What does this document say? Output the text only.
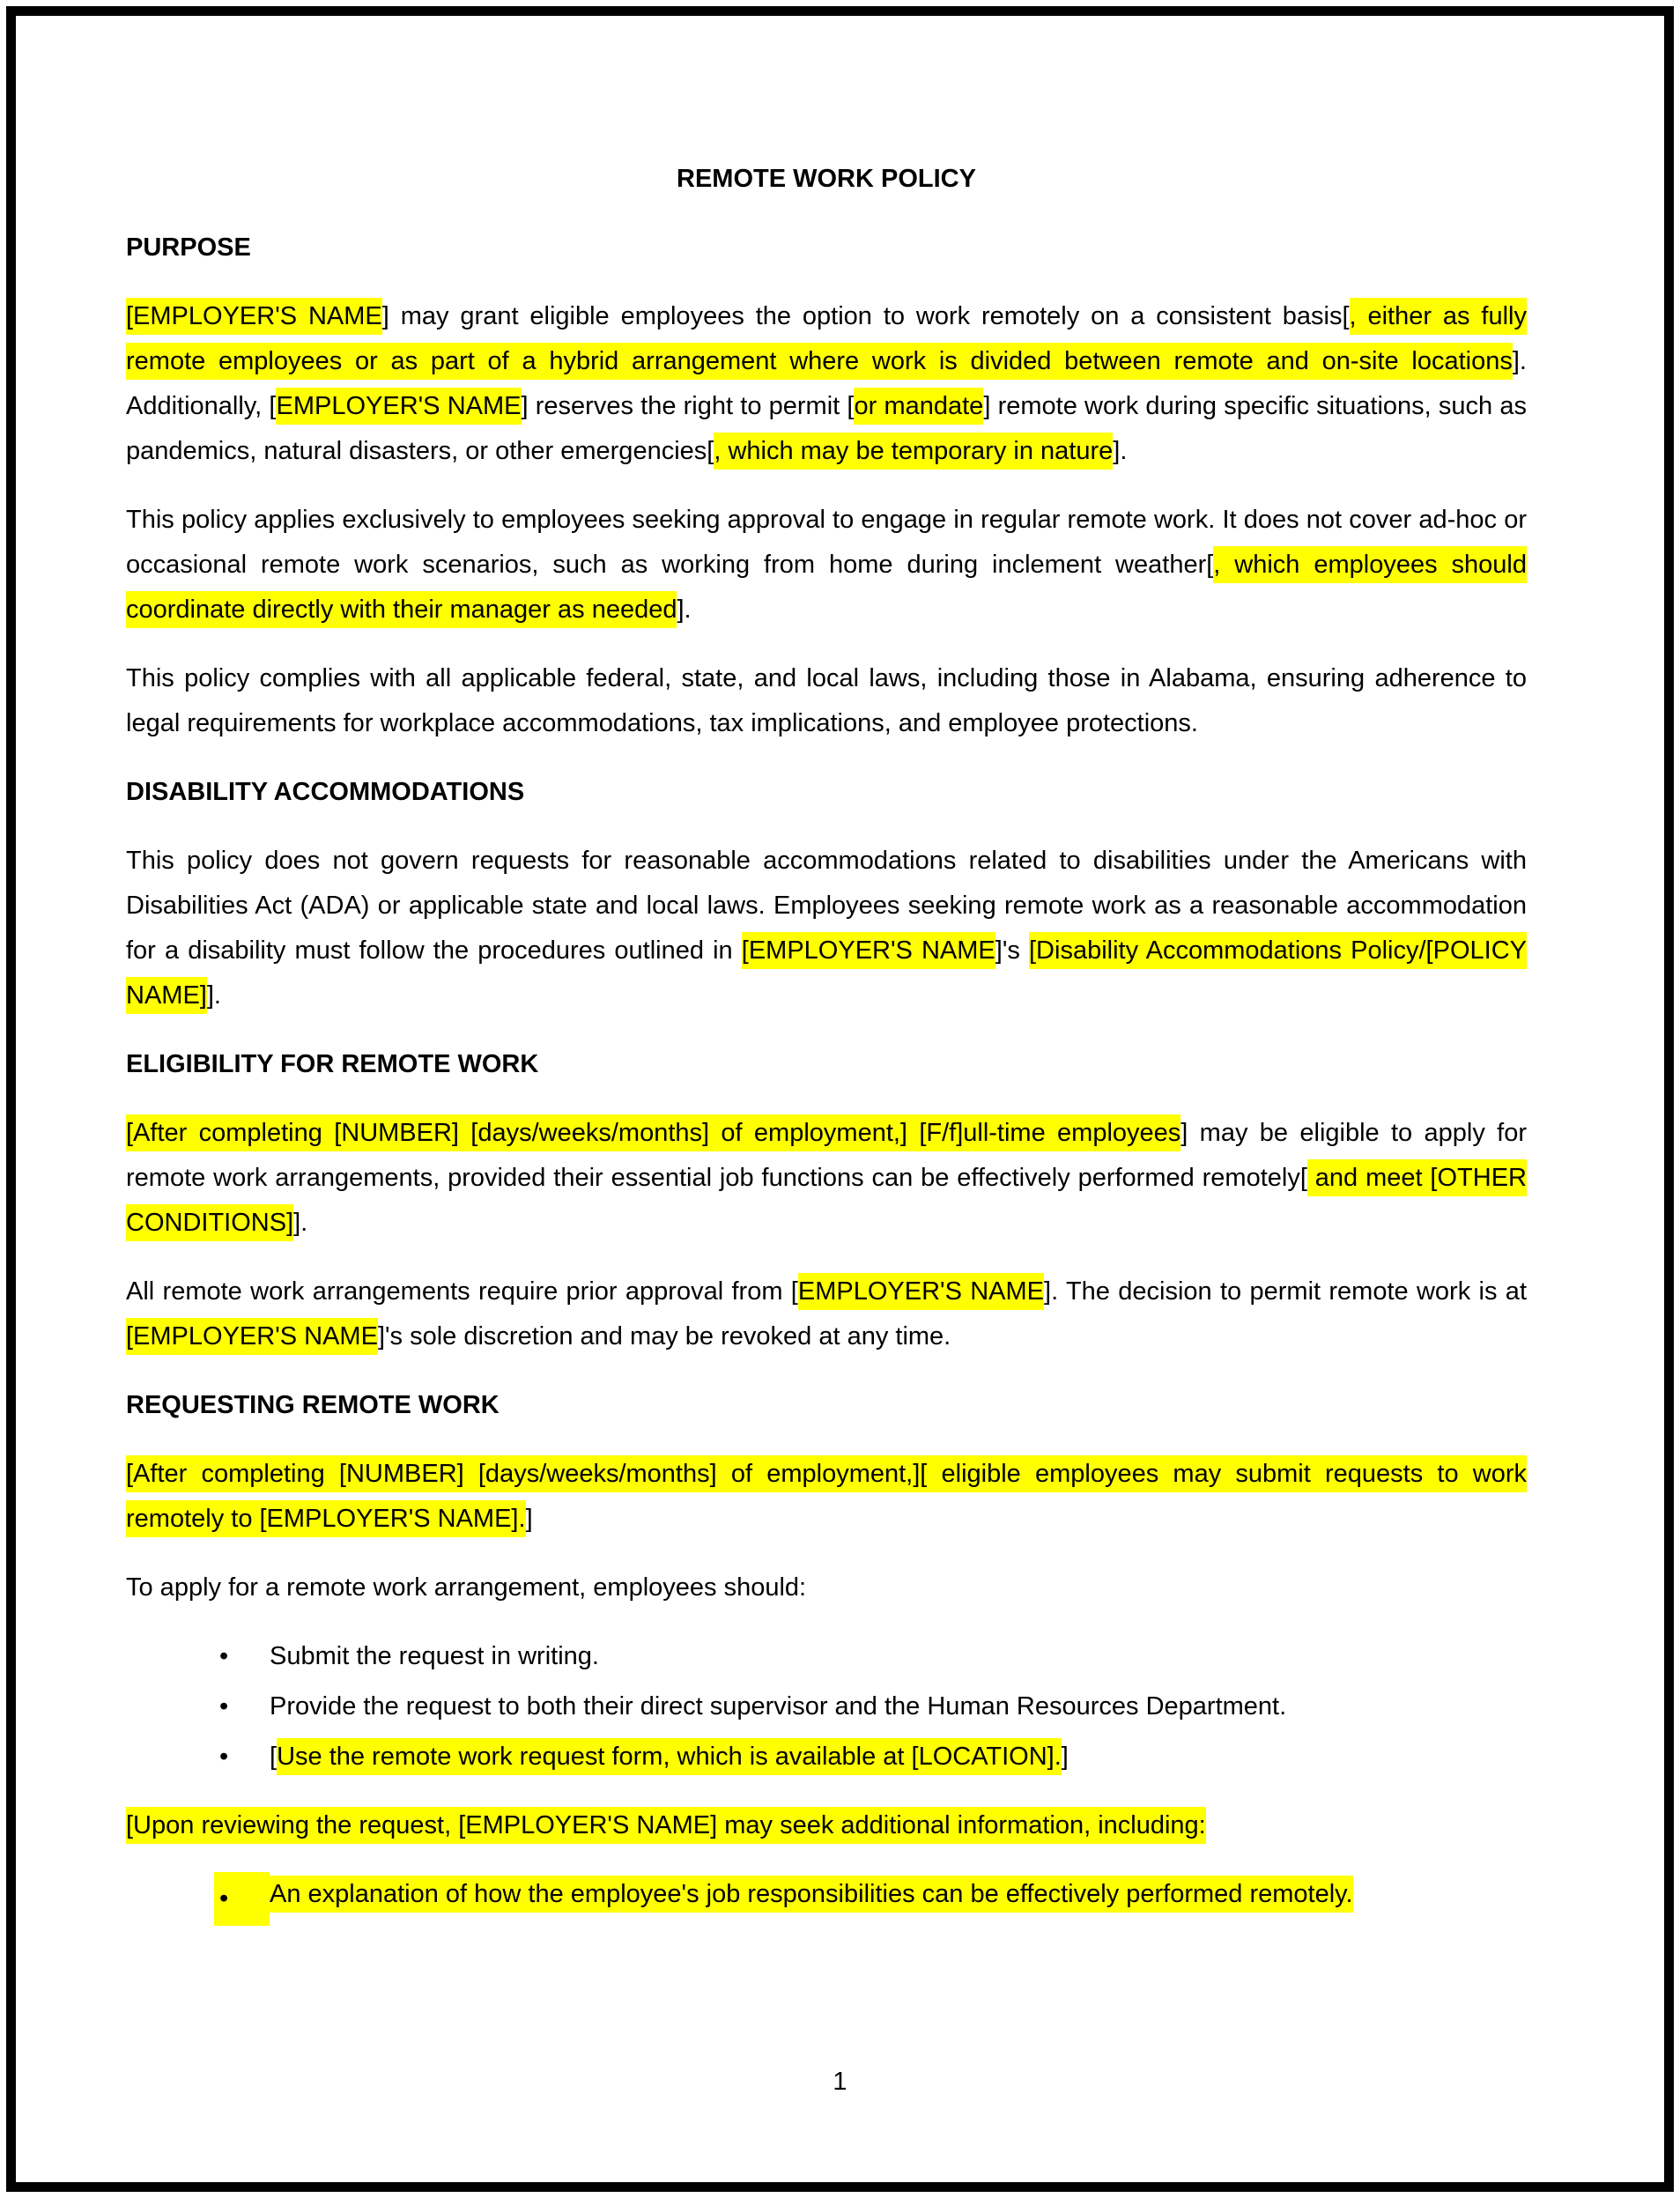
REMOTE WORK POLICY

PURPOSE

[EMPLOYER'S NAME] may grant eligible employees the option to work remotely on a consistent basis[, either as fully remote employees or as part of a hybrid arrangement where work is divided between remote and on-site locations]. Additionally, [EMPLOYER'S NAME] reserves the right to permit [or mandate] remote work during specific situations, such as pandemics, natural disasters, or other emergencies[, which may be temporary in nature].

This policy applies exclusively to employees seeking approval to engage in regular remote work. It does not cover ad-hoc or occasional remote work scenarios, such as working from home during inclement weather[, which employees should coordinate directly with their manager as needed].

This policy complies with all applicable federal, state, and local laws, including those in Alabama, ensuring adherence to legal requirements for workplace accommodations, tax implications, and employee protections.

DISABILITY ACCOMMODATIONS

This policy does not govern requests for reasonable accommodations related to disabilities under the Americans with Disabilities Act (ADA) or applicable state and local laws. Employees seeking remote work as a reasonable accommodation for a disability must follow the procedures outlined in [EMPLOYER'S NAME]'s [Disability Accommodations Policy/[POLICY NAME]].

ELIGIBILITY FOR REMOTE WORK

[After completing [NUMBER] [days/weeks/months] of employment,] [F/f]ull-time employees] may be eligible to apply for remote work arrangements, provided their essential job functions can be effectively performed remotely[ and meet [OTHER CONDITIONS]].

All remote work arrangements require prior approval from [EMPLOYER'S NAME]. The decision to permit remote work is at [EMPLOYER'S NAME]'s sole discretion and may be revoked at any time.

REQUESTING REMOTE WORK

[After completing [NUMBER] [days/weeks/months] of employment,][ eligible employees may submit requests to work remotely to [EMPLOYER'S NAME].]

To apply for a remote work arrangement, employees should:

•	Submit the request in writing.
•	Provide the request to both their direct supervisor and the Human Resources Department.
•	[Use the remote work request form, which is available at [LOCATION].]

[Upon reviewing the request, [EMPLOYER'S NAME] may seek additional information, including:

•	An explanation of how the employee's job responsibilities can be effectively performed remotely.
1
